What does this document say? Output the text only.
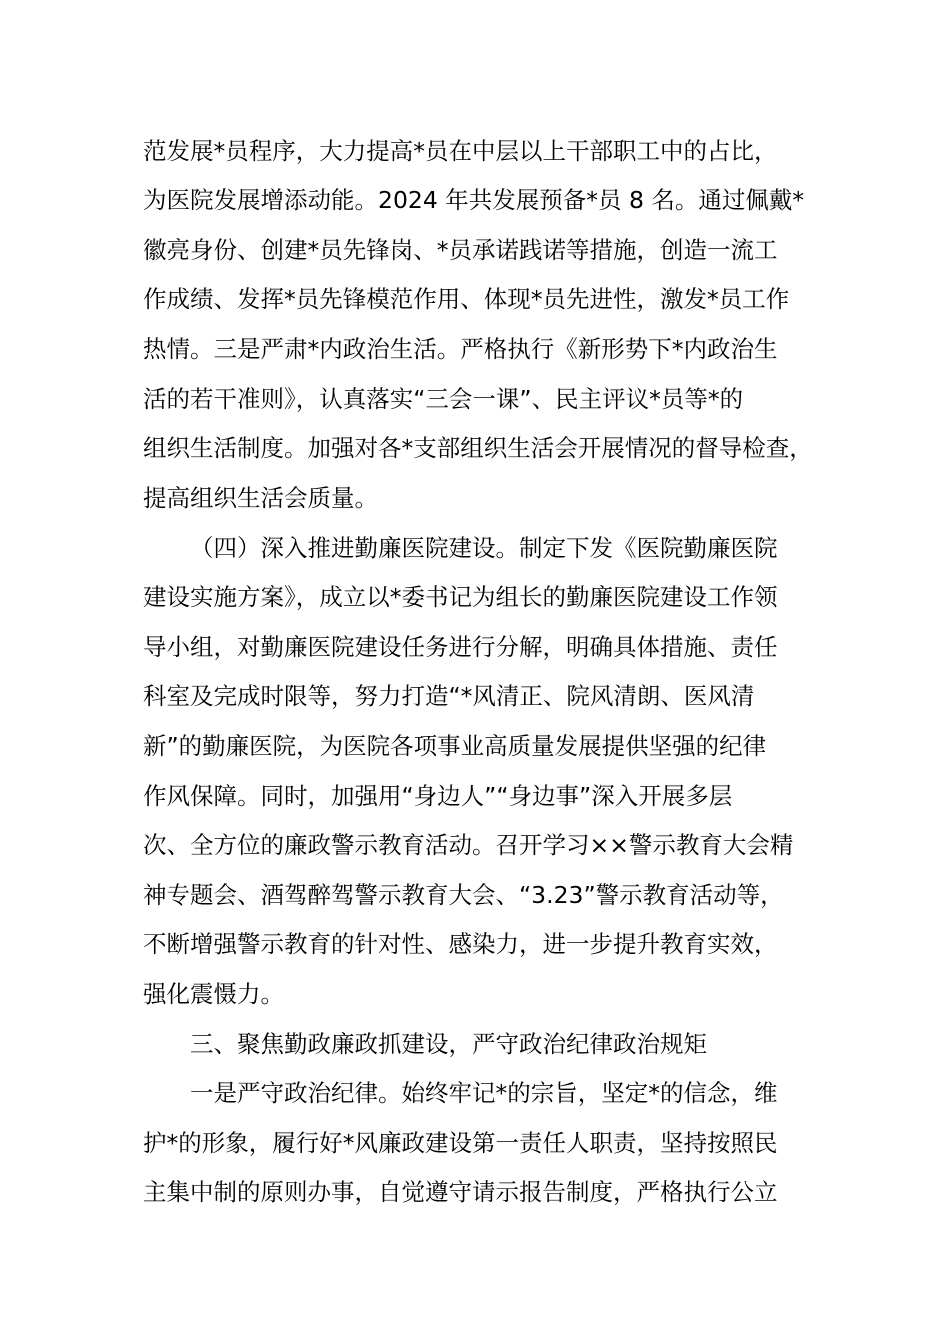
范发展*员程序，大力提高*员在中层以上干部职工中的占比，
为医院发展增添动能。2024 年共发展预备*员 8 名。通过佩戴*
徽亮身份、创建*员先锋岗、*员承诺践诺等措施，创造一流工
作成绩、发挥*员先锋模范作用、体现*员先进性，激发*员工作
热情。三是严肃*内政治生活。严格执行《新形势下*内政治生
活的若干准则》，认真落实“三会一课”、民主评议*员等*的
组织生活制度。加强对各*支部组织生活会开展情况的督导检查，
提高组织生活会质量。
（四）深入推进勤廉医院建设。制定下发《医院勤廉医院
建设实施方案》，成立以*委书记为组长的勤廉医院建设工作领
导小组，对勤廉医院建设任务进行分解，明确具体措施、责任
科室及完成时限等，努力打造“*风清正、院风清朗、医风清
新”的勤廉医院，为医院各项事业高质量发展提供坚强的纪律
作风保障。同时，加强用“身边人”“身边事”深入开展多层
次、全方位的廉政警示教育活动。召开学习××警示教育大会精
神专题会、酒驾醉驾警示教育大会、“3.23”警示教育活动等，
不断增强警示教育的针对性、感染力，进一步提升教育实效，
强化震慑力。
三、聚焦勤政廉政抓建设，严守政治纪律政治规矩
一是严守政治纪律。始终牢记*的宗旨，坚定*的信念，维
护*的形象，履行好*风廉政建设第一责任人职责，坚持按照民
主集中制的原则办事，自觉遵守请示报告制度，严格执行公立
